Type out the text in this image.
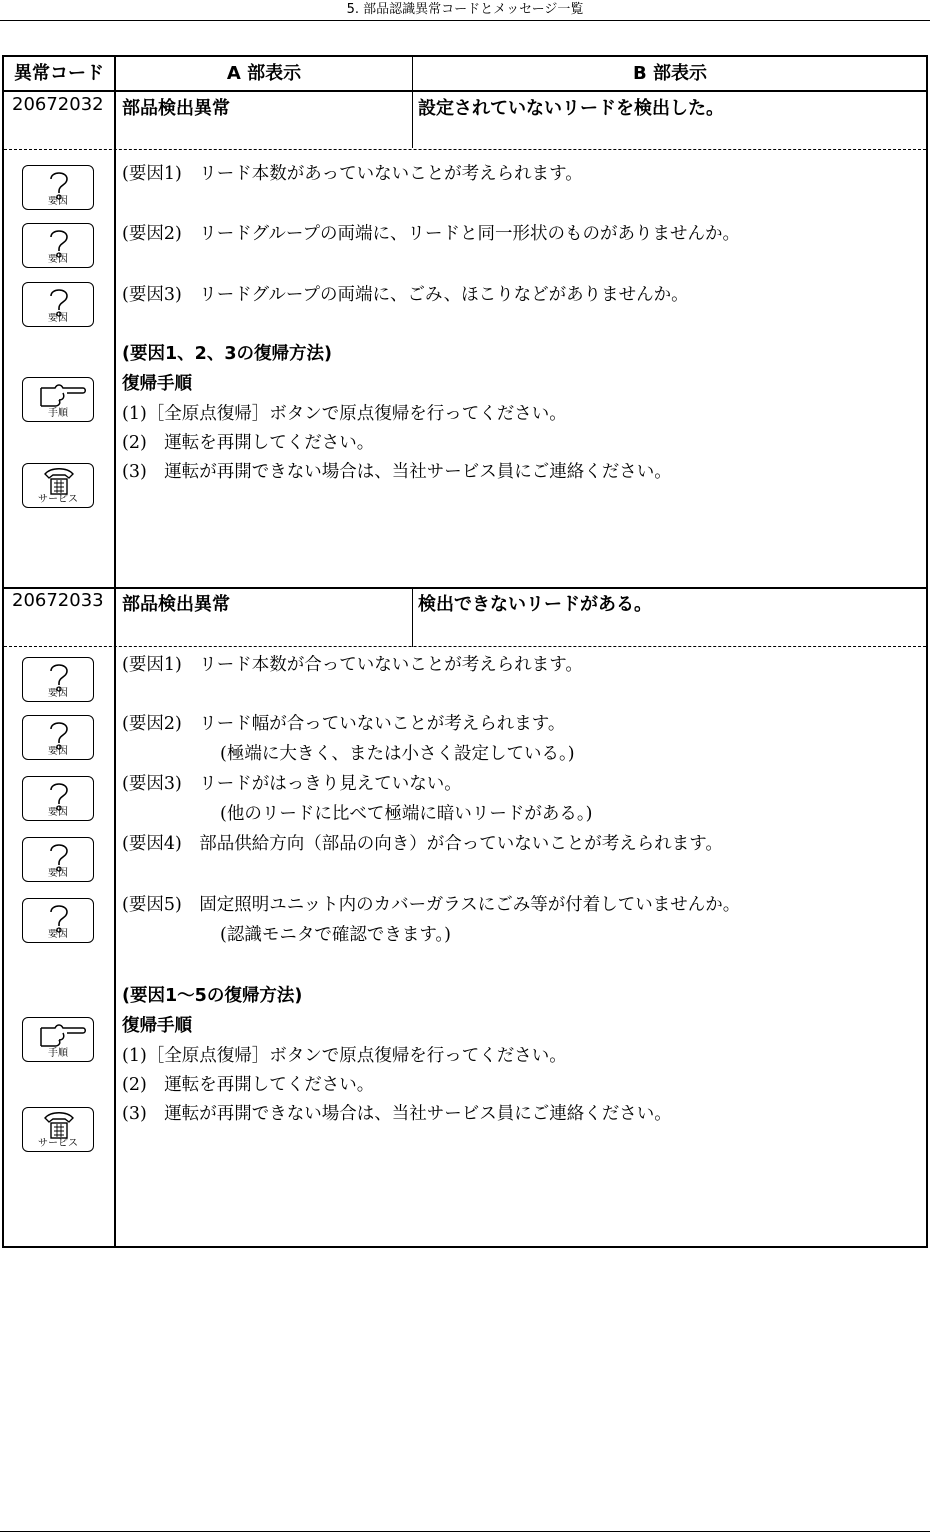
5. 部品認識異常コードとメッセージ一覧
異常コード	A 部表示	B 部表示
20672032 部品検出異常	設定されていないリードを検出した。
(要因1)　リード本数があっていないことが考えられます。
(要因2)　リードグループの両端に、リードと同一形状のものがありませんか。
(要因3)　リードグループの両端に、ごみ、ほこりなどがありませんか。
(要因1、2、3の復帰方法)
復帰手順
(1)［全原点復帰］ボタンで原点復帰を行ってください。
(2)　運転を再開してください。
(3)　運転が再開できない場合は、当社サービス員にご連絡ください。
要因
要因
要因
手順
サービス
20672033 部品検出異常	検出できないリードがある。
(要因1)　リード本数が合っていないことが考えられます。
(要因2)　リード幅が合っていないことが考えられます。
(極端に大きく、または小さく設定している。)
(要因3)　リードがはっきり見えていない。
(他のリードに比べて極端に暗いリードがある。)
(要因4)　部品供給方向（部品の向き）が合っていないことが考えられます。
(要因5)　固定照明ユニット内のカバーガラスにごみ等が付着していませんか。
(認識モニタで確認できます。)
(要因1～5の復帰方法)
復帰手順
(1)［全原点復帰］ボタンで原点復帰を行ってください。
(2)　運転を再開してください。
(3)　運転が再開できない場合は、当社サービス員にご連絡ください。
要因
要因
要因
要因
要因
手順
サービス
